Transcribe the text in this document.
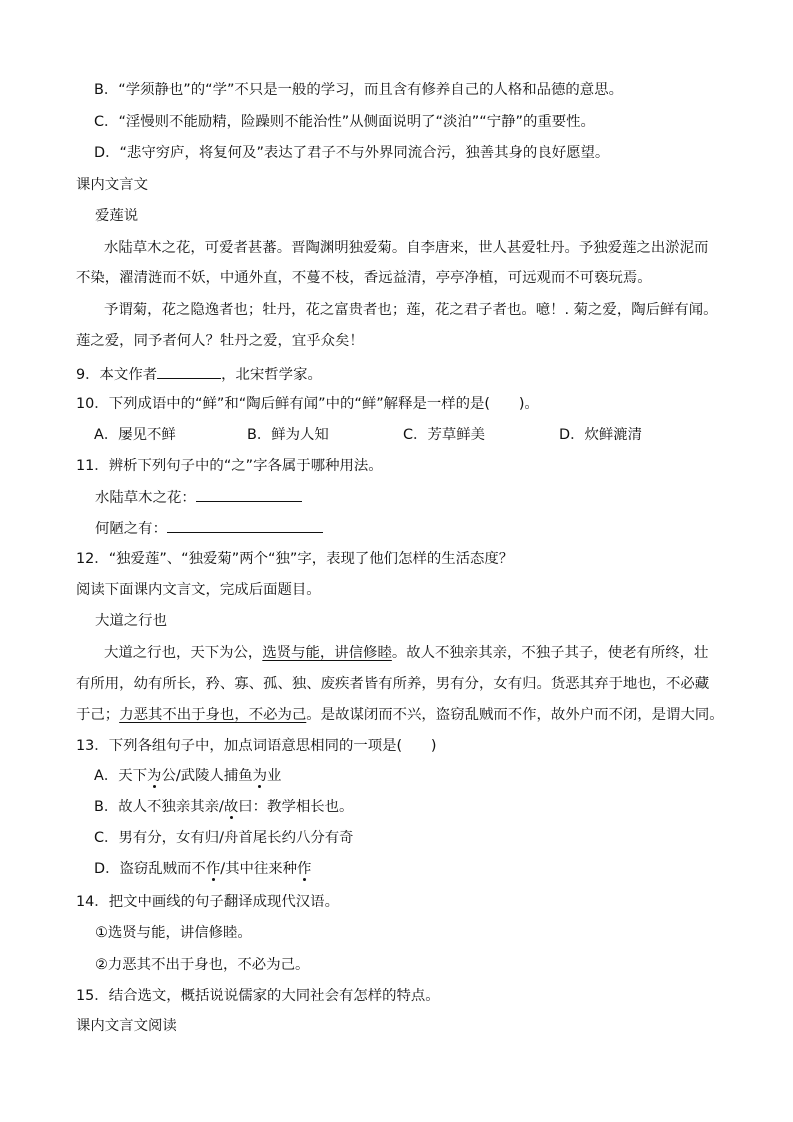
B．“学须静也”的“学”不只是一般的学习，而且含有修养自己的人格和品德的意思。
C．“淫慢则不能励精，险躁则不能治性”从侧面说明了“淡泊”“宁静”的重要性。
D．“悲守穷庐，将复何及”表达了君子不与外界同流合污，独善其身的良好愿望。
课内文言文
爱莲说
水陆草木之花，可爱者甚蕃。晋陶渊明独爱菊。自李唐来，世人甚爱牡丹。予独爱莲之出淤泥而
不染，濯清涟而不妖，中通外直，不蔓不枝，香远益清，亭亭净植，可远观而不可亵玩焉。
予谓菊，花之隐逸者也；牡丹，花之富贵者也；莲，花之君子者也。噫！. 菊之爱，陶后鲜有闻。
莲之爱，同予者何人？牡丹之爱，宜乎众矣！
9．本文作者	，北宋哲学家。
10．下列成语中的“鲜”和“陶后鲜有闻”中的“鲜”解释是一样的是(　　)。
A．屡见不鲜	B．鲜为人知	C．芳草鲜美	D．炊鲜漉清
11．辨析下列句子中的“之”字各属于哪种用法。
水陆草木之花：
何陋之有：
12．“独爱莲”、“独爱菊”两个“独”字，表现了他们怎样的生活态度？
阅读下面课内文言文，完成后面题目。
大道之行也
大道之行也，天下为公，选贤与能，讲信修睦。故人不独亲其亲，不独子其子，使老有所终，壮
有所用，幼有所长，矜、寡、孤、独、废疾者皆有所养，男有分，女有归。货恶其弃于地也，不必藏
于己；力恶其不出于身也，不必为己。是故谋闭而不兴，盗窃乱贼而不作，故外户而不闭，是谓大同。
13．下列各组句子中，加点词语意思相同的一项是(　　)
A．天下为公/武陵人捕鱼为业
B．故人不独亲其亲/故曰：教学相长也。
C．男有分，女有归/舟首尾长约八分有奇
D．盗窃乱贼而不作/其中往来种作
14．把文中画线的句子翻译成现代汉语。
①选贤与能，讲信修睦。
②力恶其不出于身也，不必为己。
15．结合选文，概括说说儒家的大同社会有怎样的特点。
课内文言文阅读
